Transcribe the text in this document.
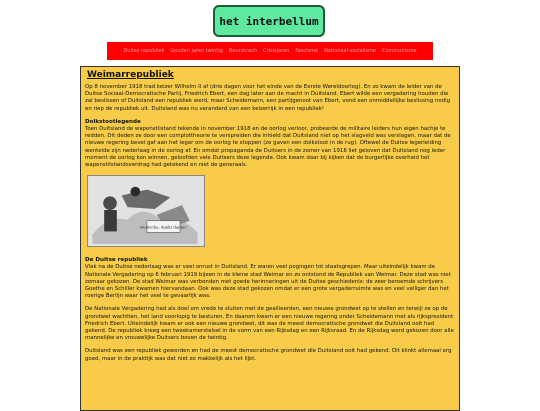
het interbellum
Duitse republiek Gouden jaren twintig Beurskrach Crisisjaren Fascisme Nationaal-socialisme Communisme
Weimarrepubliek

Op 8 november 1918 trad keizer Wilhelm II af (drie dagen voor het einde van de Eerste Wereldoorlog). En zo kwam de leider van de Duitse Sociaal-Democratische Partij, Friedrich Ebert, een dag later aan de macht in Duitsland. Ebert wilde een vergadering houden die zal beslissen of Duitsland een republiek werd, maar Scheidemann, een partijgenoot van Ebert, vond een onmiddellijke beslissing nodig en riep de republiek uit. Duitsland was nu veranderd van een keizerrijk in een republiek!

Dolkstootlegende

Toen Duitsland de wapenstilstand tekende in november 1918 en de oorlog verloor, probeerde de militaire leiders hun eigen hachje te redden. Dit deden ze door een complottheorie te verspreiden die inhield dat Duitsland niet op het slagveld was verslagen, maar dat de nieuwe regering bevel gaf aan het leger om de oorlog te stoppen (ze gaven een dolkstoot in de rug). Oftewel de Duitse legerleiding wentelde zijn nederlaag in de oorlog af. En omdat propaganda de Duitsers in de zomer van 1918 liet geloven dat Duitsland nog ieder moment de oorlog kon winnen, geloofden vele Duitsers deze legende. Ook kwam daar bij kijken dat de burgerlijke overheid het wapenstilstandsverdrag had getekend en niet de generaals.

Deutsche, dankt danke!

De Duitse republiek

Vlak na de Duitse nederlaag was er veel onrust in Duitsland. Er waren veel pogingen tot staatsgrepen. Maar uiteindelijk kwam de Nationale Vergadering op 6 februari 1919 bijeen in de kleine stad Weimar en zo ontstond de Republiek van Weimar. Deze stad was niet zomaar gekozen. De stad Weimar was verbonden met goede herinneringen uit de Duitse geschiedenis: de zeer beroemde schrijvers Goethe en Schiller kwamen hiervandaan. Ook was deze stad gekozen omdat er een grote vergaderruimte was en veel veiliger dan het roerige Berlijn waar het veel te gevaarlijk was.

De Nationale Vergadering had als doel om vrede te sluiten met de geallieerden, een nieuwe grondwet op te stellen en terwijl ze op de grondwet wachtten, het land voorlopig te besturen. En daarom kwam er een nieuwe regering onder Scheidemann met als rijkspresident Friedrich Ebert. Uiteindelijk kwam er ook een nieuwe grondwet, dit was de meest democratische grondwet die Duitsland ooit had gekend. De republiek kreeg een tweekamerstelsel in de vorm van een Rijksdag en een Rijksraad. En de Rijksdag werd gekozen door alle mannelijke en vrouwelijke Duitsers boven de twintig.

Duitsland was een republiek geworden en had de meest democratische grondwet die Duitsland ooit had gekend. Dit klinkt allemaal erg goed, maar in de praktijk was dat niet zo makkelijk als het lijkt.
